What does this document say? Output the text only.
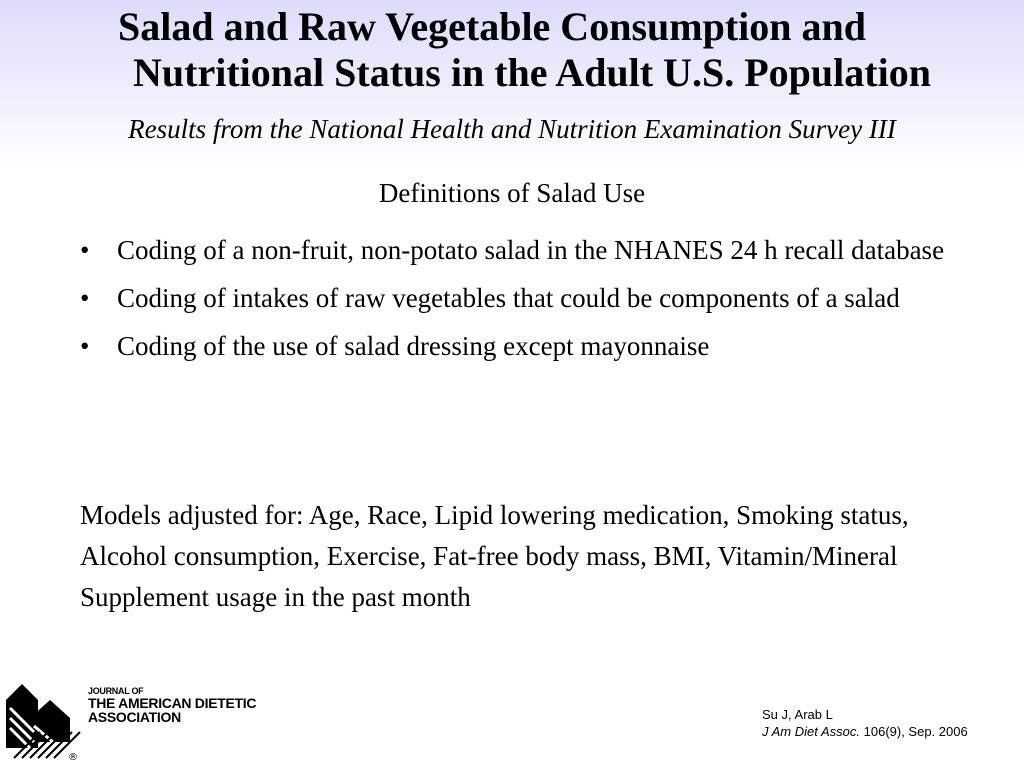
Salad and Raw Vegetable Consumption and
Nutritional Status in the Adult U.S. Population
Results from the National Health and Nutrition Examination Survey III
Definitions of Salad Use
• Coding of a non-fruit, non-potato salad in the NHANES 24 h recall database
• Coding of intakes of raw vegetables that could be components of a salad
• Coding of the use of salad dressing except mayonnaise
Models adjusted for: Age, Race, Lipid lowering medication, Smoking status, Alcohol consumption, Exercise, Fat-free body mass, BMI, Vitamin/Mineral Supplement usage in the past month
®
JOURNAL OF
THE AMERICAN DIETETIC
ASSOCIATION	Su J, Arab L
J Am Diet Assoc. 106(9), Sep. 2006
